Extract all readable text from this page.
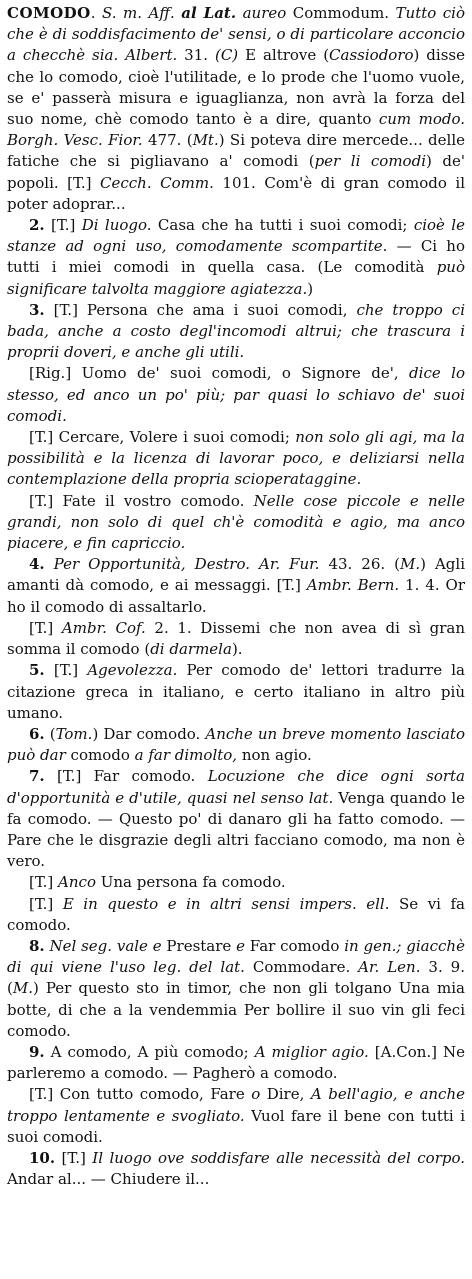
COMODO. S. m. Aff. al Lat. aureo Commodum. Tutto ciò che è di soddisfacimento de' sensi, o di particolare acconcio a checchè sia. Albert. 31. (C) E altrove (Cassiodoro) disse che lo comodo, cioè l'utilitade, e lo prode che l'uomo vuole, se e' passerà misura e iguaglianza, non avrà la forza del suo nome, chè comodo tanto è a dire, quanto cum modo. Borgh. Vesc. Fior. 477. (Mt.) Si poteva dire mercede... delle fatiche che si pigliavano a' comodi (per li comodi) de' popoli. [T.] Cecch. Comm. 101. Com'è di gran comodo il poter adoprar...

2. [T.] Di luogo. Casa che ha tutti i suoi comodi; cioè le stanze ad ogni uso, comodamente scompartite. — Ci ho tutti i miei comodi in quella casa. (Le comodità può significare talvolta maggiore agiatezza.)

3. [T.] Persona che ama i suoi comodi, che troppo ci bada, anche a costo degl'incomodi altrui; che trascura i proprii doveri, e anche gli utili.

[Rig.] Uomo de' suoi comodi, o Signore de', dice lo stesso, ed anco un po' più; par quasi lo schiavo de' suoi comodi.

[T.] Cercare, Volere i suoi comodi; non solo gli agi, ma la possibilità e la licenza di lavorar poco, e deliziarsi nella contemplazione della propria scioperataggine.

[T.] Fate il vostro comodo. Nelle cose piccole e nelle grandi, non solo di quel ch'è comodità e agio, ma anco piacere, e fin capriccio.

4. Per Opportunità, Destro. Ar. Fur. 43. 26. (M.) Agli amanti dà comodo, e ai messaggi. [T.] Ambr. Bern. 1. 4. Or ho il comodo di assaltarlo.

[T.] Ambr. Cof. 2. 1. Dissemi che non avea di sì gran somma il comodo (di darmela).

5. [T.] Agevolezza. Per comodo de' lettori tradurre la citazione greca in italiano, e certo italiano in altro più umano.

6. (Tom.) Dar comodo. Anche un breve momento lasciato può dar comodo a far dimolto, non agio.

7. [T.] Far comodo. Locuzione che dice ogni sorta d'opportunità e d'utile, quasi nel senso lat. Venga quando le fa comodo. — Questo po' di danaro gli ha fatto comodo. — Pare che le disgrazie degli altri facciano comodo, ma non è vero.

[T.] Anco Una persona fa comodo.

[T.] E in questo e in altri sensi impers. ell. Se vi fa comodo.

8. Nel seg. vale e Prestare e Far comodo in gen.; giacchè di qui viene l'uso leg. del lat. Commodare. Ar. Len. 3. 9. (M.) Per questo sto in timor, che non gli tolgano Una mia botte, di che a la vendemmia Per bollire il suo vin gli feci comodo.

9. A comodo, A più comodo; A miglior agio. [A.Con.] Ne parleremo a comodo. — Pagherò a comodo.

[T.] Con tutto comodo, Fare o Dire, A bell'agio, e anche troppo lentamente e svogliato. Vuol fare il bene con tutti i suoi comodi.

10. [T.] Il luogo ove soddisfare alle necessità del corpo. Andar al... — Chiudere il...
